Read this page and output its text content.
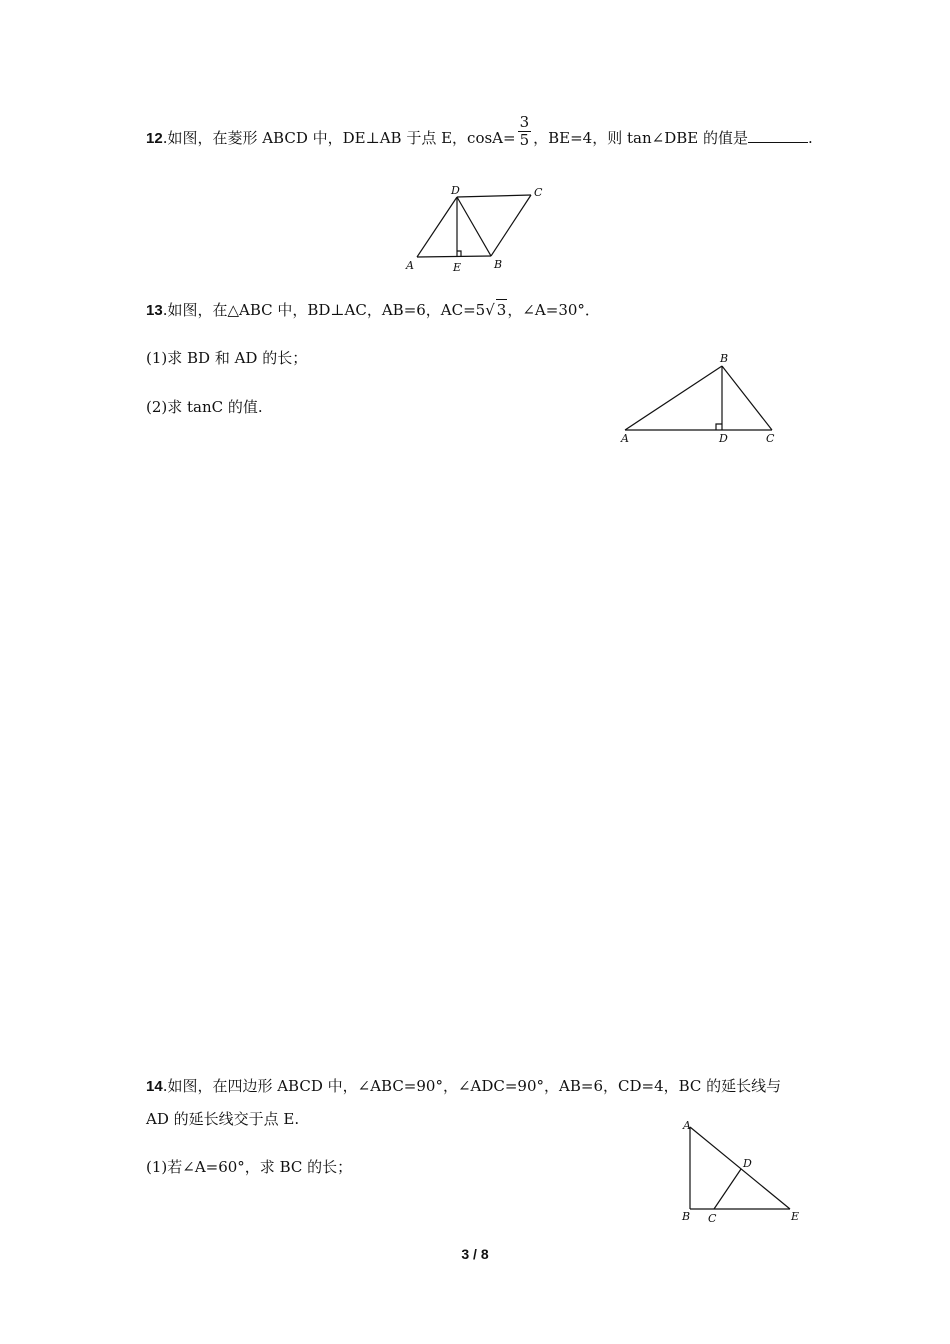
12.如图，在菱形 ABCD 中，DE⊥AB 于点 E，$\cos A= \frac{3}{5}$ ，BE=4，则 tan∠DBE 的值是	.
A	E	B
D	C
13.如图，在△ABC 中，BD⊥AC，AB=6，AC=5√ 3，∠A=30°．
(1)求 BD 和 AD 的长；
(2)求 tanC 的值.
A	D	C
B
14.如图，在四边形 ABCD 中，∠ABC=90°，∠ADC=90°，AB=6，CD=4，BC 的延长线与
AD 的延长线交于点 E.
(1)若∠A=60°，求 BC 的长；
A
B C
D
E
3 / 8
